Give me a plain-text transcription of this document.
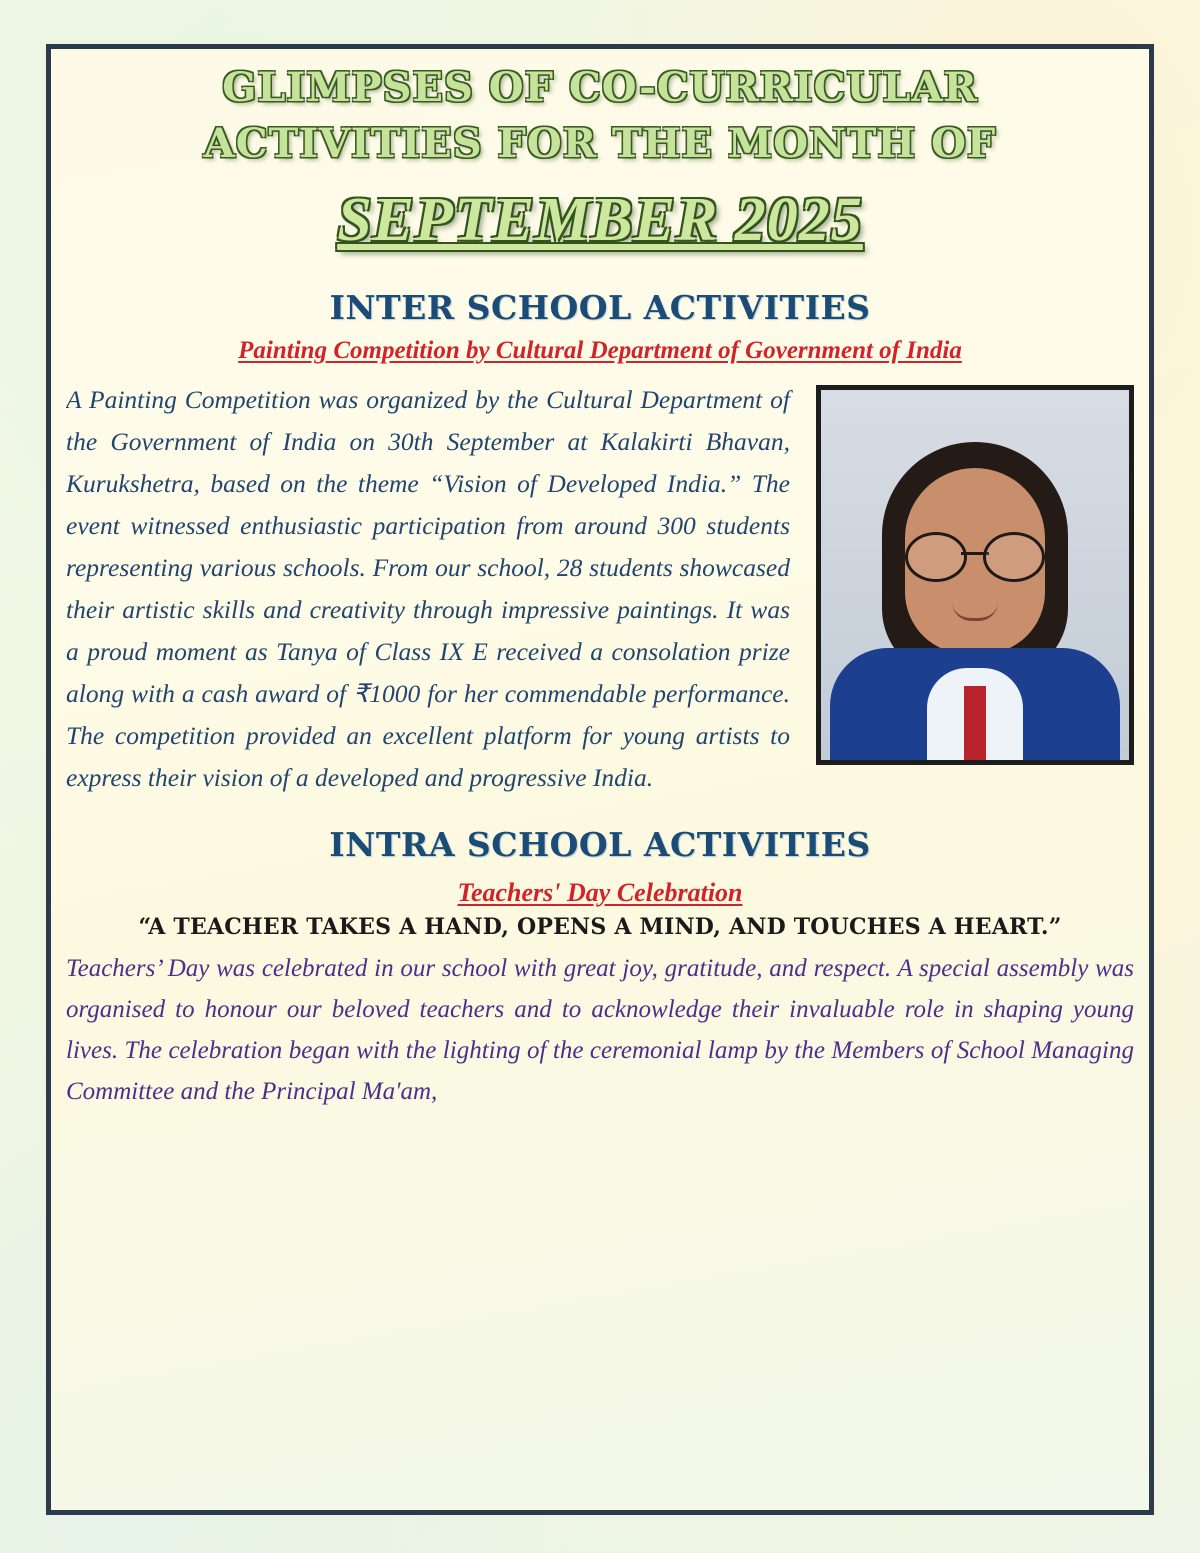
GLIMPSES OF CO-CURRICULAR
ACTIVITIES FOR THE MONTH OF
SEPTEMBER 2025
INTER SCHOOL ACTIVITIES
Painting Competition by Cultural Department of Government of India

A Painting Competition was organized by the Cultural Department of the Government of India on 30th September at Kalakirti Bhavan, Kurukshetra, based on the theme “Vision of Developed India.” The event witnessed enthusiastic participation from around 300 students representing various schools. From our school, 28 students showcased their artistic skills and creativity through impressive paintings. It was a proud moment as Tanya of Class IX E received a consolation prize along with a cash award of ₹1000 for her commendable performance. The competition provided an excellent platform for young artists to express their vision of a developed and progressive India.

INTRA SCHOOL ACTIVITIES
Teachers' Day Celebration

“A TEACHER TAKES A HAND, OPENS A MIND, AND TOUCHES A HEART.”

Teachers’ Day was celebrated in our school with great joy, gratitude, and respect. A special assembly was organised to honour our beloved teachers and to acknowledge their invaluable role in shaping young lives. The celebration began with the lighting of the ceremonial lamp by the Members of School Managing Committee and the Principal Ma'am,
